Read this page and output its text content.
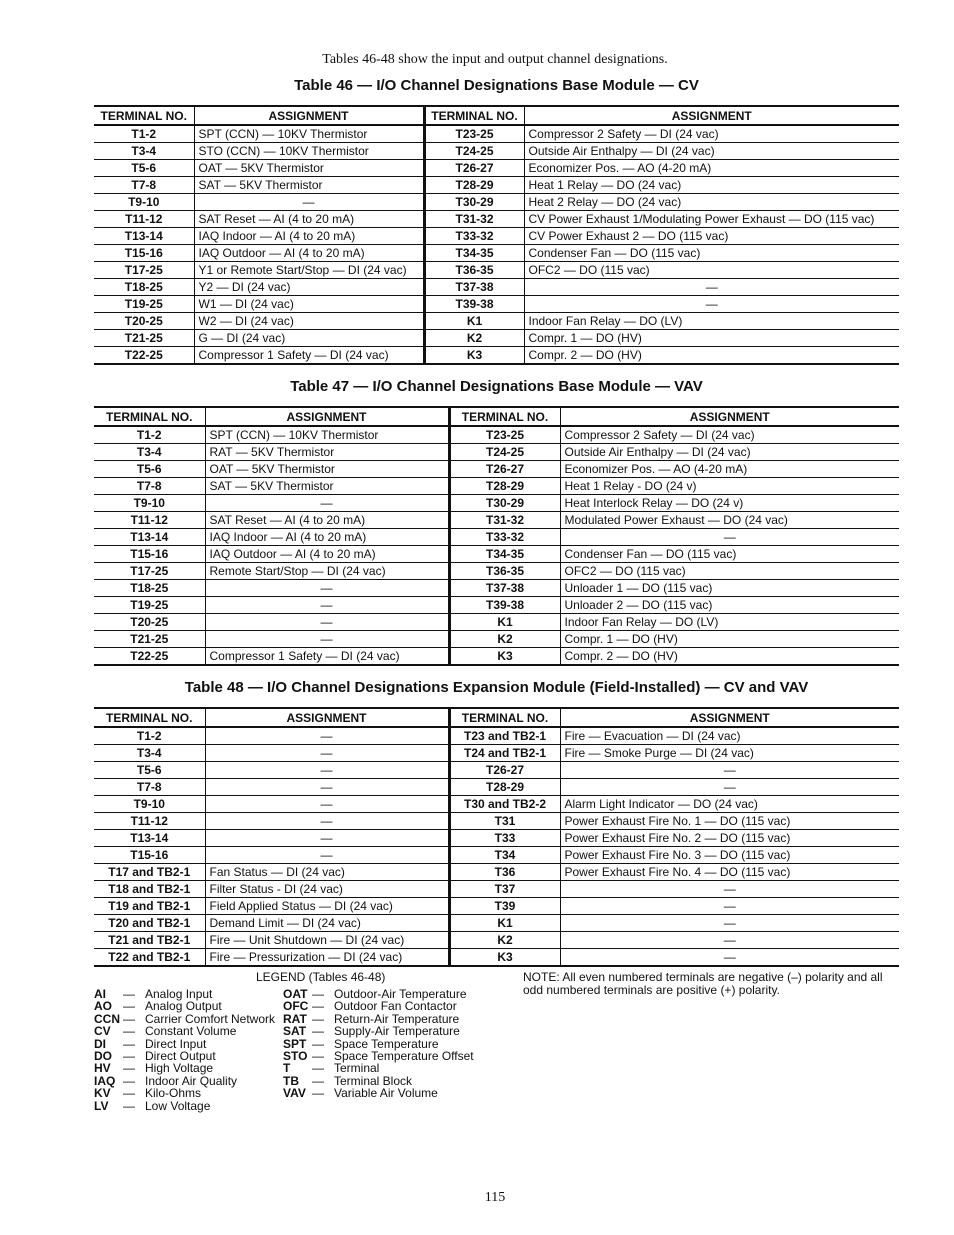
Tables 46-48 show the input and output channel designations.
Table 46 — I/O Channel Designations Base Module — CV
TERMINAL NO.	ASSIGNMENT	TERMINAL NO.	ASSIGNMENT
T1-2	SPT (CCN) — 10KV Thermistor	T23-25	Compressor 2 Safety — DI (24 vac)
T3-4	STO (CCN) — 10KV Thermistor	T24-25	Outside Air Enthalpy — DI (24 vac)
T5-6	OAT — 5KV Thermistor	T26-27	Economizer Pos. — AO (4-20 mA)
T7-8	SAT — 5KV Thermistor	T28-29	Heat 1 Relay — DO (24 vac)
T9-10	—	T30-29	Heat 2 Relay — DO (24 vac)
T11-12	SAT Reset — AI (4 to 20 mA)	T31-32	CV Power Exhaust 1/Modulating Power Exhaust — DO (115 vac)
T13-14	IAQ Indoor — AI (4 to 20 mA)	T33-32	CV Power Exhaust 2 — DO (115 vac)
T15-16	IAQ Outdoor — AI (4 to 20 mA)	T34-35	Condenser Fan — DO (115 vac)
T17-25	Y1 or Remote Start/Stop — DI (24 vac)	T36-35	OFC2 — DO (115 vac)
T18-25	Y2 — DI (24 vac)	T37-38	—
T19-25	W1 — DI (24 vac)	T39-38	—
T20-25	W2 — DI (24 vac)	K1	Indoor Fan Relay — DO (LV)
T21-25	G — DI (24 vac)	K2	Compr. 1 — DO (HV)
T22-25	Compressor 1 Safety — DI (24 vac)	K3	Compr. 2 — DO (HV)
Table 47 — I/O Channel Designations Base Module — VAV
TERMINAL NO.	ASSIGNMENT	TERMINAL NO.	ASSIGNMENT
T1-2	SPT (CCN) — 10KV Thermistor	T23-25	Compressor 2 Safety — DI (24 vac)
T3-4	RAT — 5KV Thermistor	T24-25	Outside Air Enthalpy — DI (24 vac)
T5-6	OAT — 5KV Thermistor	T26-27	Economizer Pos. — AO (4-20 mA)
T7-8	SAT — 5KV Thermistor	T28-29	Heat 1 Relay - DO (24 v)
T9-10	—	T30-29	Heat Interlock Relay — DO (24 v)
T11-12	SAT Reset — AI (4 to 20 mA)	T31-32	Modulated Power Exhaust — DO (24 vac)
T13-14	IAQ Indoor — AI (4 to 20 mA)	T33-32	—
T15-16	IAQ Outdoor — AI (4 to 20 mA)	T34-35	Condenser Fan — DO (115 vac)
T17-25	Remote Start/Stop — DI (24 vac)	T36-35	OFC2 — DO (115 vac)
T18-25	—	T37-38	Unloader 1 — DO (115 vac)
T19-25	—	T39-38	Unloader 2 — DO (115 vac)
T20-25	—	K1	Indoor Fan Relay — DO (LV)
T21-25	—	K2	Compr. 1 — DO (HV)
T22-25	Compressor 1 Safety — DI (24 vac)	K3	Compr. 2 — DO (HV)
Table 48 — I/O Channel Designations Expansion Module (Field-Installed) — CV and VAV
TERMINAL NO.	ASSIGNMENT	TERMINAL NO.	ASSIGNMENT
T1-2	—	T23 and TB2-1	Fire — Evacuation — DI (24 vac)
T3-4	—	T24 and TB2-1	Fire — Smoke Purge — DI (24 vac)
T5-6	—	T26-27	—
T7-8	—	T28-29	—
T9-10	—	T30 and TB2-2	Alarm Light Indicator — DO (24 vac)
T11-12	—	T31	Power Exhaust Fire No. 1 — DO (115 vac)
T13-14	—	T33	Power Exhaust Fire No. 2 — DO (115 vac)
T15-16	—	T34	Power Exhaust Fire No. 3 — DO (115 vac)
T17 and TB2-1	Fan Status — DI (24 vac)	T36	Power Exhaust Fire No. 4 — DO (115 vac)
T18 and TB2-1	Filter Status - DI (24 vac)	T37	—
T19 and TB2-1	Field Applied Status — DI (24 vac)	T39	—
T20 and TB2-1	Demand Limit — DI (24 vac)	K1	—
T21 and TB2-1	Fire — Unit Shutdown — DI (24 vac)	K2	—
T22 and TB2-1	Fire — Pressurization — DI (24 vac)	K3	—
LEGEND (Tables 46-48)
AI — Analog Input
AO — Analog Output
CCN — Carrier Comfort Network
CV — Constant Volume
DI — Direct Input
DO — Direct Output
HV — High Voltage
IAQ — Indoor Air Quality
KV — Kilo-Ohms
LV — Low Voltage
OAT — Outdoor-Air Temperature
OFC — Outdoor Fan Contactor
RAT — Return-Air Temperature
SAT — Supply-Air Temperature
SPT — Space Temperature
STO — Space Temperature Offset
T — Terminal
TB — Terminal Block
VAV — Variable Air Volume
NOTE: All even numbered terminals are negative (–) polarity and all odd numbered terminals are positive (+) polarity.
115
